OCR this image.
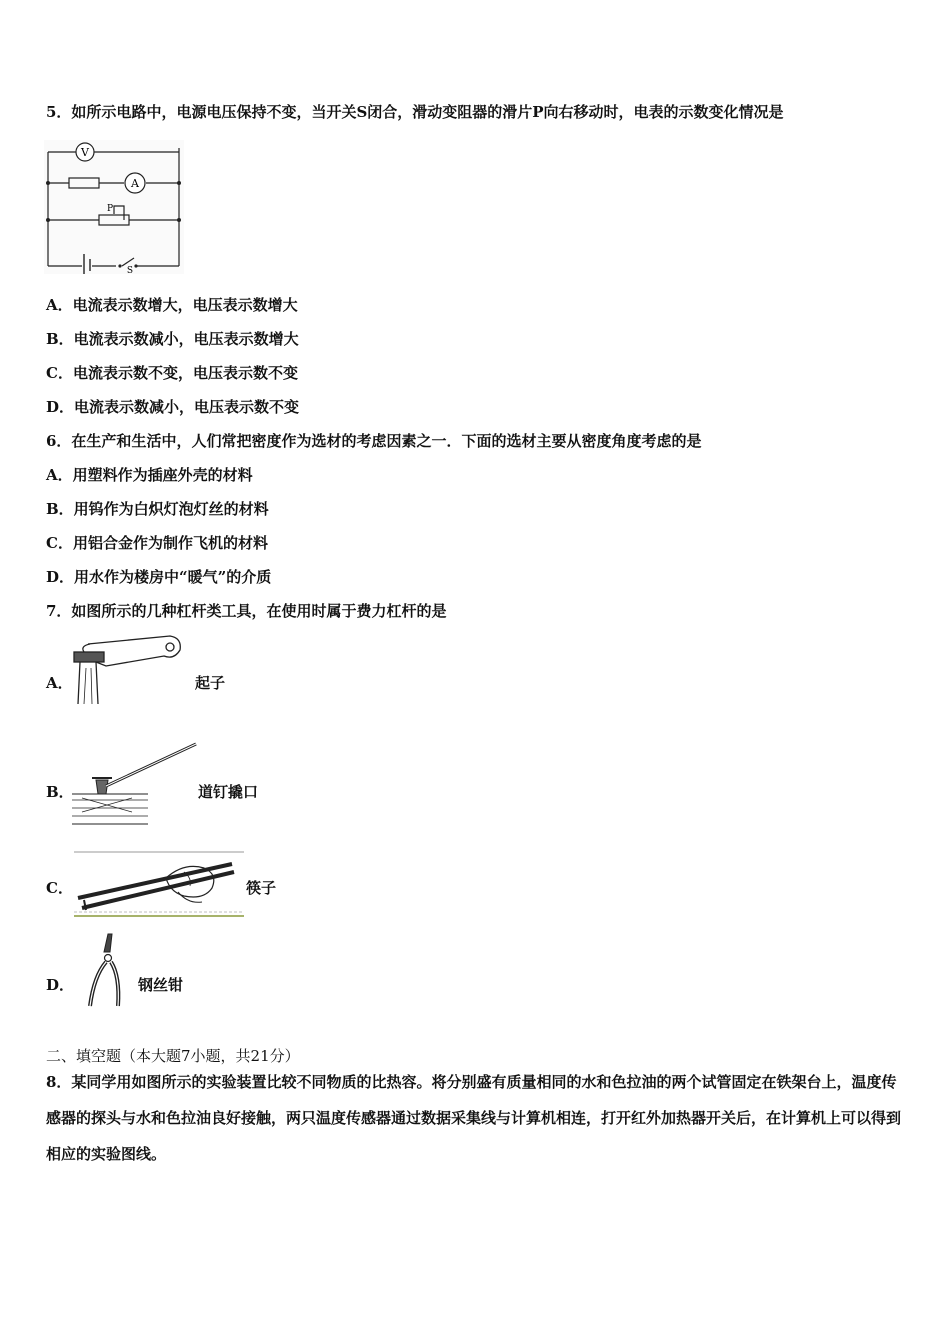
5．如所示电路中，电源电压保持不变，当开关S闭合，滑动变阻器的滑片P向右移动时，电表的示数变化情况是
V
A
P
S
A．电流表示数增大，电压表示数增大
B．电流表示数减小，电压表示数增大
C．电流表示数不变，电压表示数不变
D．电流表示数减小，电压表示数不变
6．在生产和生活中，人们常把密度作为选材的考虑因素之一．下面的选材主要从密度角度考虑的是
A．用塑料作为插座外壳的材料
B．用钨作为白炽灯泡灯丝的材料
C．用铝合金作为制作飞机的材料
D．用水作为楼房中“暖气”的介质
7．如图所示的几种杠杆类工具，在使用时属于费力杠杆的是
A．	起子
B．	道钉撬口
C．	筷子
D．	钢丝钳
二、填空题（本大题7小题，共21分）
8．某同学用如图所示的实验装置比较不同物质的比热容。将分别盛有质量相同的水和色拉油的两个试管固定在铁架台上，温度传感器的探头与水和色拉油良好接触，两只温度传感器通过数据采集线与计算机相连，打开红外加热器开关后，在计算机上可以得到相应的实验图线。
